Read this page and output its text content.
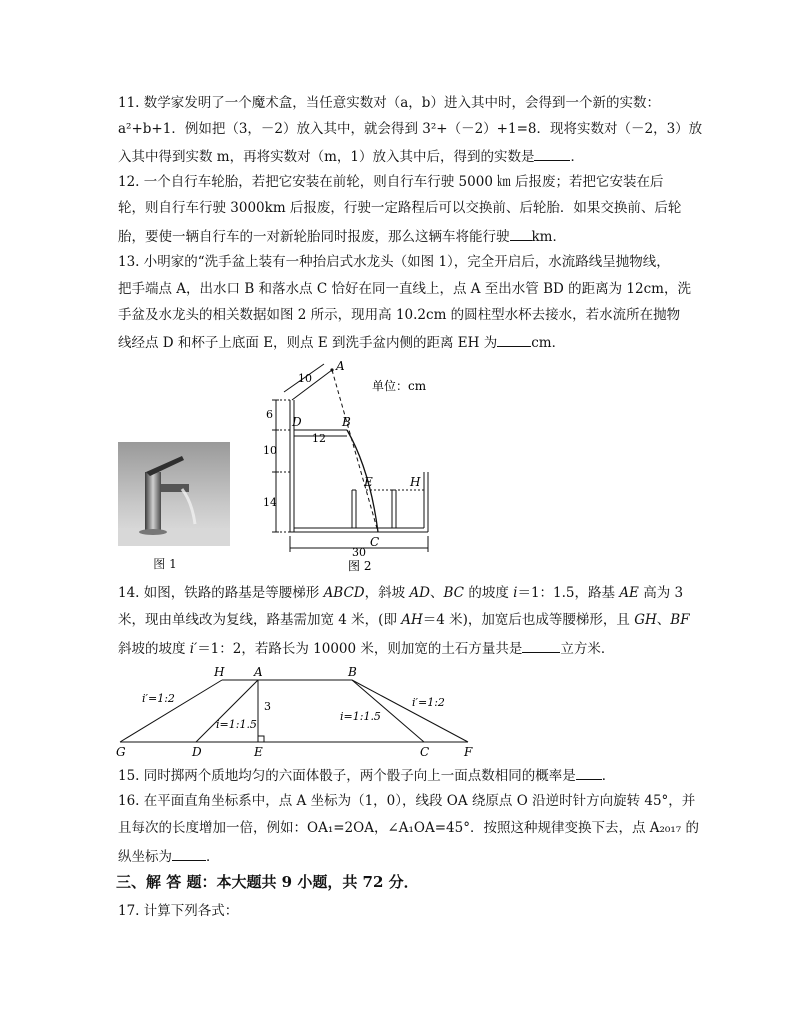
11. 数学家发明了一个魔术盒，当任意实数对（a，b）进入其中时，会得到一个新的实数：
a²+b+1．例如把（3，－2）放入其中，就会得到 3²+（－2）+1=8．现将实数对（－2，3）放
入其中得到实数 m，再将实数对（m，1）放入其中后，得到的实数是	．
12. 一个自行车轮胎，若把它安装在前轮，则自行车行驶 5000 ㎞ 后报废；若把它安装在后
轮，则自行车行驶 3000km 后报废，行驶一定路程后可以交换前、后轮胎．如果交换前、后轮
胎，要使一辆自行车的一对新轮胎同时报废，那么这辆车将能行驶 km．
13. 小明家的“洗手盆上装有一种抬启式水龙头（如图 1），完全开启后，水流路线呈抛物线，
把手端点 A，出水口 B 和落水点 C 恰好在同一直线上，点 A 至出水管 BD 的距离为 12cm，洗
手盆及水龙头的相关数据如图 2 所示，现用高 10.2cm 的圆柱型水杯去接水，若水流所在抛物
线经点 D 和杯子上底面 E，则点 E 到洗手盆内侧的距离 EH 为	cm．
图 1
A
B
C
D
E	H
单位：cm
10
6
12
10
14
30
图 2
14. 如图，铁路的路基是等腰梯形 ABCD，斜坡 AD、BC 的坡度 i＝1：1.5，路基 AE 高为 3
米，现由单线改为复线，路基需加宽 4 米，(即 AH＝4 米)，加宽后也成等腰梯形，且 GH、BF
斜坡的坡度 i′＝1：2，若路长为 10000 米，则加宽的土石方量共是	立方米．
H A	B
G	D	E	C	F
i′=1:2
i=1:1.5
3
i=1:1.5
i′=1:2
15. 同时掷两个质地均匀的六面体骰子，两个骰子向上一面点数相同的概率是 ．
16. 在平面直角坐标系中，点 A 坐标为（1，0），线段 OA 绕原点 O 沿逆时针方向旋转 45°，并
且每次的长度增加一倍，例如：OA₁=2OA，∠A₁OA=45°．按照这种规律变换下去，点 A₂₀₁₇ 的
纵坐标为	．
三、解 答 题：本大题共 9 小题，共 72 分．
17. 计算下列各式：
